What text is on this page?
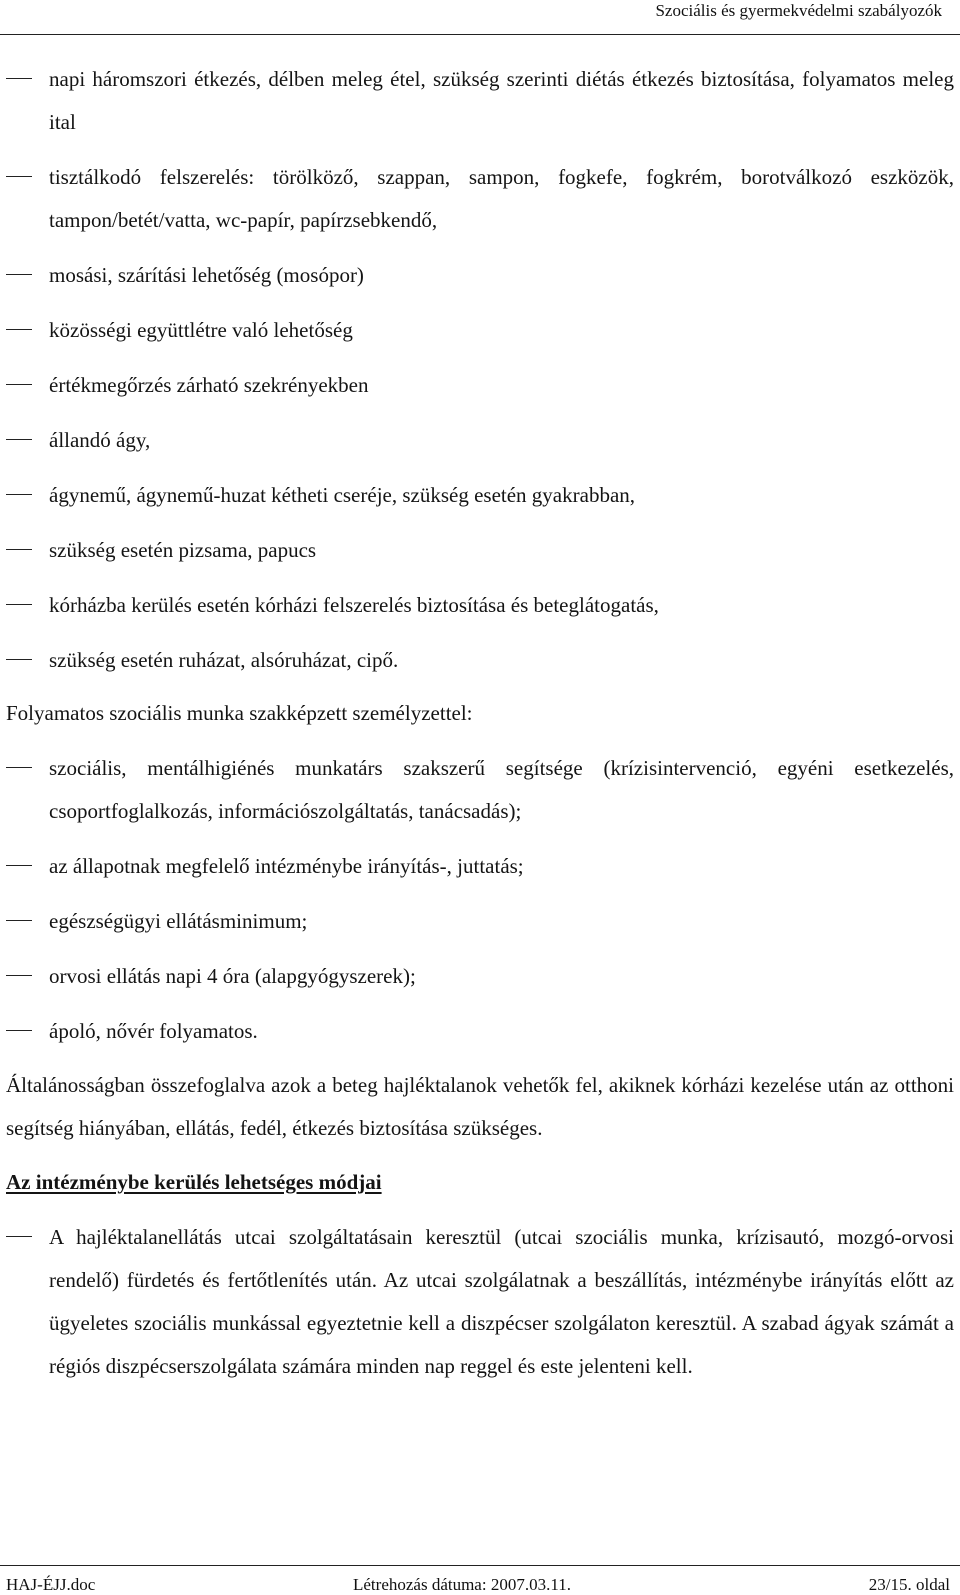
Szociális és gyermekvédelmi szabályozók
napi háromszori étkezés, délben meleg étel, szükség szerinti diétás étkezés biztosítása, folyamatos meleg ital
tisztálkodó felszerelés: törölköző, szappan, sampon, fogkefe, fogkrém, borotválkozó eszközök, tampon/betét/vatta, wc-papír, papírzsebkendő,
mosási, szárítási lehetőség (mosópor)
közösségi együttlétre való lehetőség
értékmegőrzés zárható szekrényekben
állandó ágy,
ágynemű, ágynemű-huzat kétheti cseréje, szükség esetén gyakrabban,
szükség esetén pizsama, papucs
kórházba kerülés esetén kórházi felszerelés biztosítása és beteglátogatás,
szükség esetén ruházat, alsóruházat, cipő.

Folyamatos szociális munka szakképzett személyzettel:

szociális, mentálhigiénés munkatárs szakszerű segítsége (krízisintervenció, egyéni esetkezelés, csoportfoglalkozás, információszolgáltatás, tanácsadás);
az állapotnak megfelelő intézménybe irányítás-, juttatás;
egészségügyi ellátásminimum;
orvosi ellátás napi 4 óra (alapgyógyszerek);
ápoló, nővér folyamatos.

Általánosságban összefoglalva azok a beteg hajléktalanok vehetők fel, akiknek kórházi kezelése után az otthoni segítség hiányában, ellátás, fedél, étkezés biztosítása szükséges.

Az intézménybe kerülés lehetséges módjai

A hajléktalanellátás utcai szolgáltatásain keresztül (utcai szociális munka, krízisautó, mozgó-orvosi rendelő) fürdetés és fertőtlenítés után. Az utcai szolgálatnak a beszállítás, intézménybe irányítás előtt az ügyeletes szociális munkással egyeztetnie kell a diszpécser szolgálaton keresztül. A szabad ágyak számát a régiós diszpécserszolgálata számára minden nap reggel és este jelenteni kell.
HAJ-ÉJJ.doc	Létrehozás dátuma: 2007.03.11.	23/15. oldal
